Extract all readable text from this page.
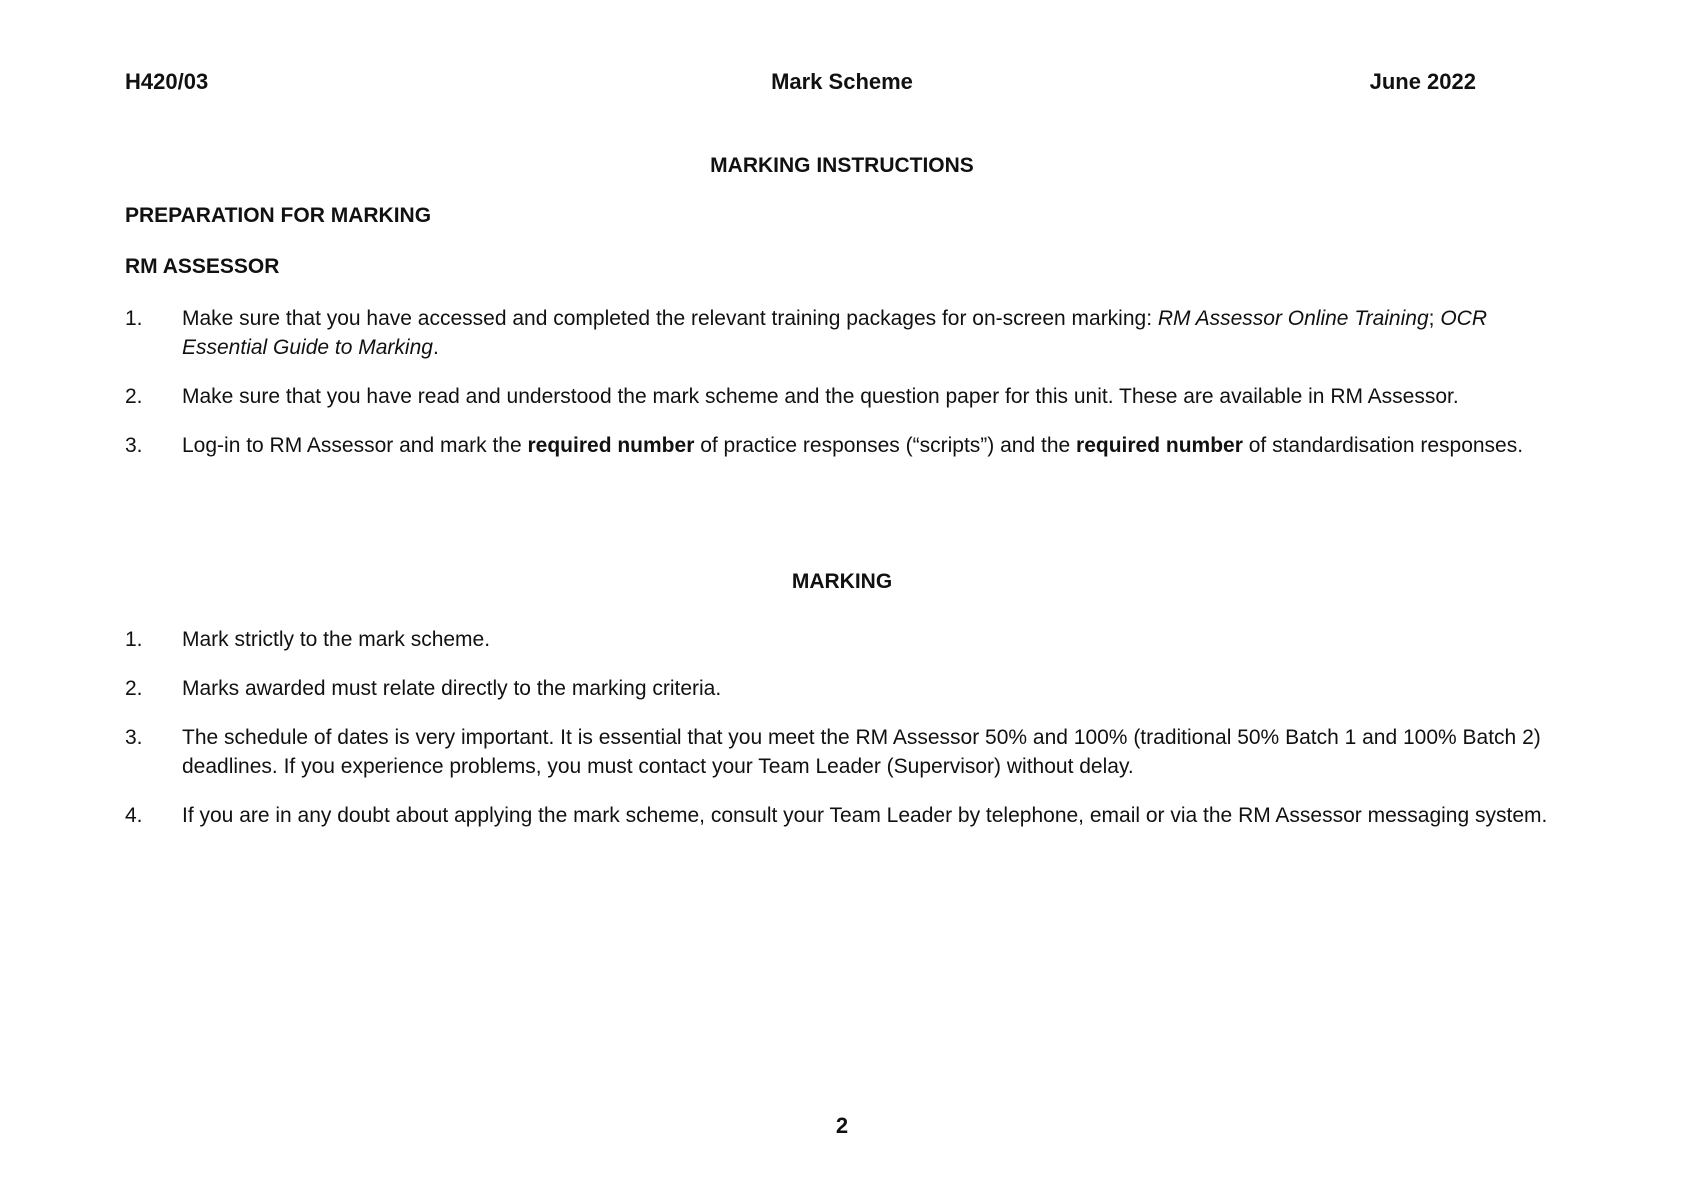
H420/03	Mark Scheme	June 2022
MARKING INSTRUCTIONS
PREPARATION FOR MARKING
RM ASSESSOR
1. Make sure that you have accessed and completed the relevant training packages for on-screen marking: RM Assessor Online Training; OCR Essential Guide to Marking.
2. Make sure that you have read and understood the mark scheme and the question paper for this unit. These are available in RM Assessor.
3. Log-in to RM Assessor and mark the required number of practice responses (“scripts”) and the required number of standardisation responses.
MARKING
1. Mark strictly to the mark scheme.
2. Marks awarded must relate directly to the marking criteria.
3. The schedule of dates is very important. It is essential that you meet the RM Assessor 50% and 100% (traditional 50% Batch 1 and 100% Batch 2) deadlines. If you experience problems, you must contact your Team Leader (Supervisor) without delay.
4. If you are in any doubt about applying the mark scheme, consult your Team Leader by telephone, email or via the RM Assessor messaging system.
2
